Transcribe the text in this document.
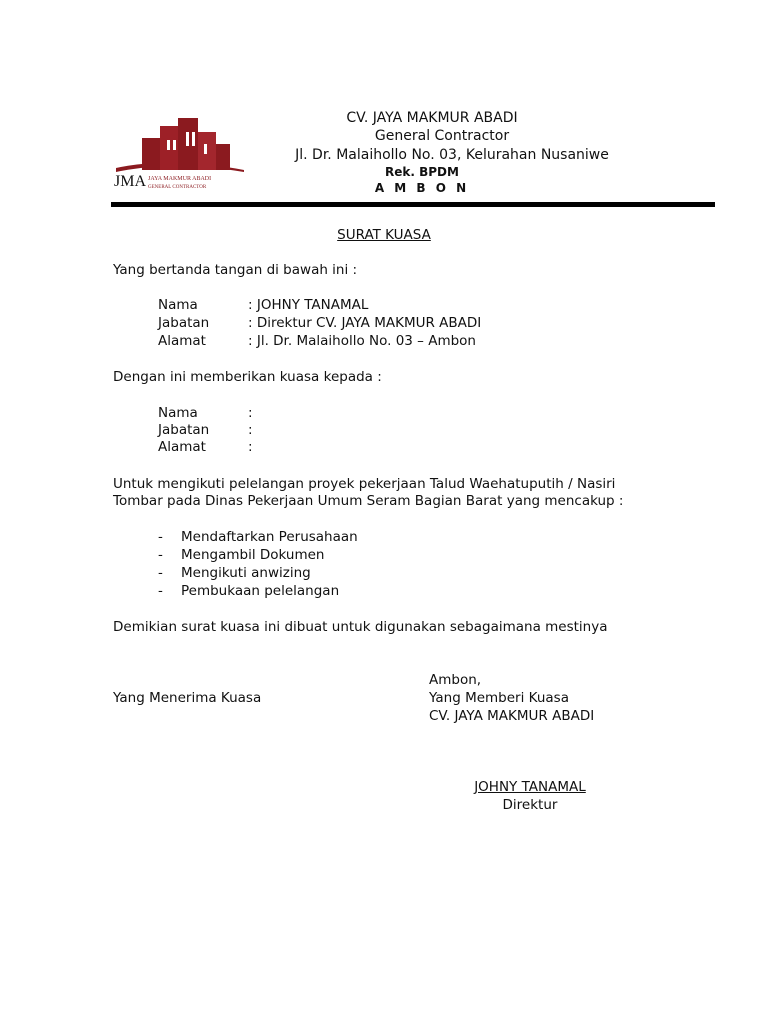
JMA JAYA MAKMUR ABADI
GENERAL CONTRACTOR
CV. JAYA MAKMUR ABADI
General Contractor
Jl. Dr. Malaihollo No. 03, Kelurahan Nusaniwe
Rek. BPDM
A M B O N
SURAT KUASA
Yang bertanda tangan di bawah ini :
Nama	: JOHNY TANAMAL
Jabatan	: Direktur CV. JAYA MAKMUR ABADI
Alamat	: Jl. Dr. Malaihollo No. 03 – Ambon
Dengan ini memberikan kuasa kepada :
Nama	:
Jabatan	:
Alamat	:
Untuk mengikuti pelelangan proyek pekerjaan Talud Waehatuputih / Nasiri
Tombar pada Dinas Pekerjaan Umum Seram Bagian Barat yang mencakup :
- Mendaftarkan Perusahaan
- Mengambil Dokumen
- Mengikuti anwizing
- Pembukaan pelelangan
Demikian surat kuasa ini dibuat untuk digunakan sebagaimana mestinya
Ambon,
Yang Menerima Kuasa	Yang Memberi Kuasa
CV. JAYA MAKMUR ABADI
JOHNY TANAMAL
Direktur
